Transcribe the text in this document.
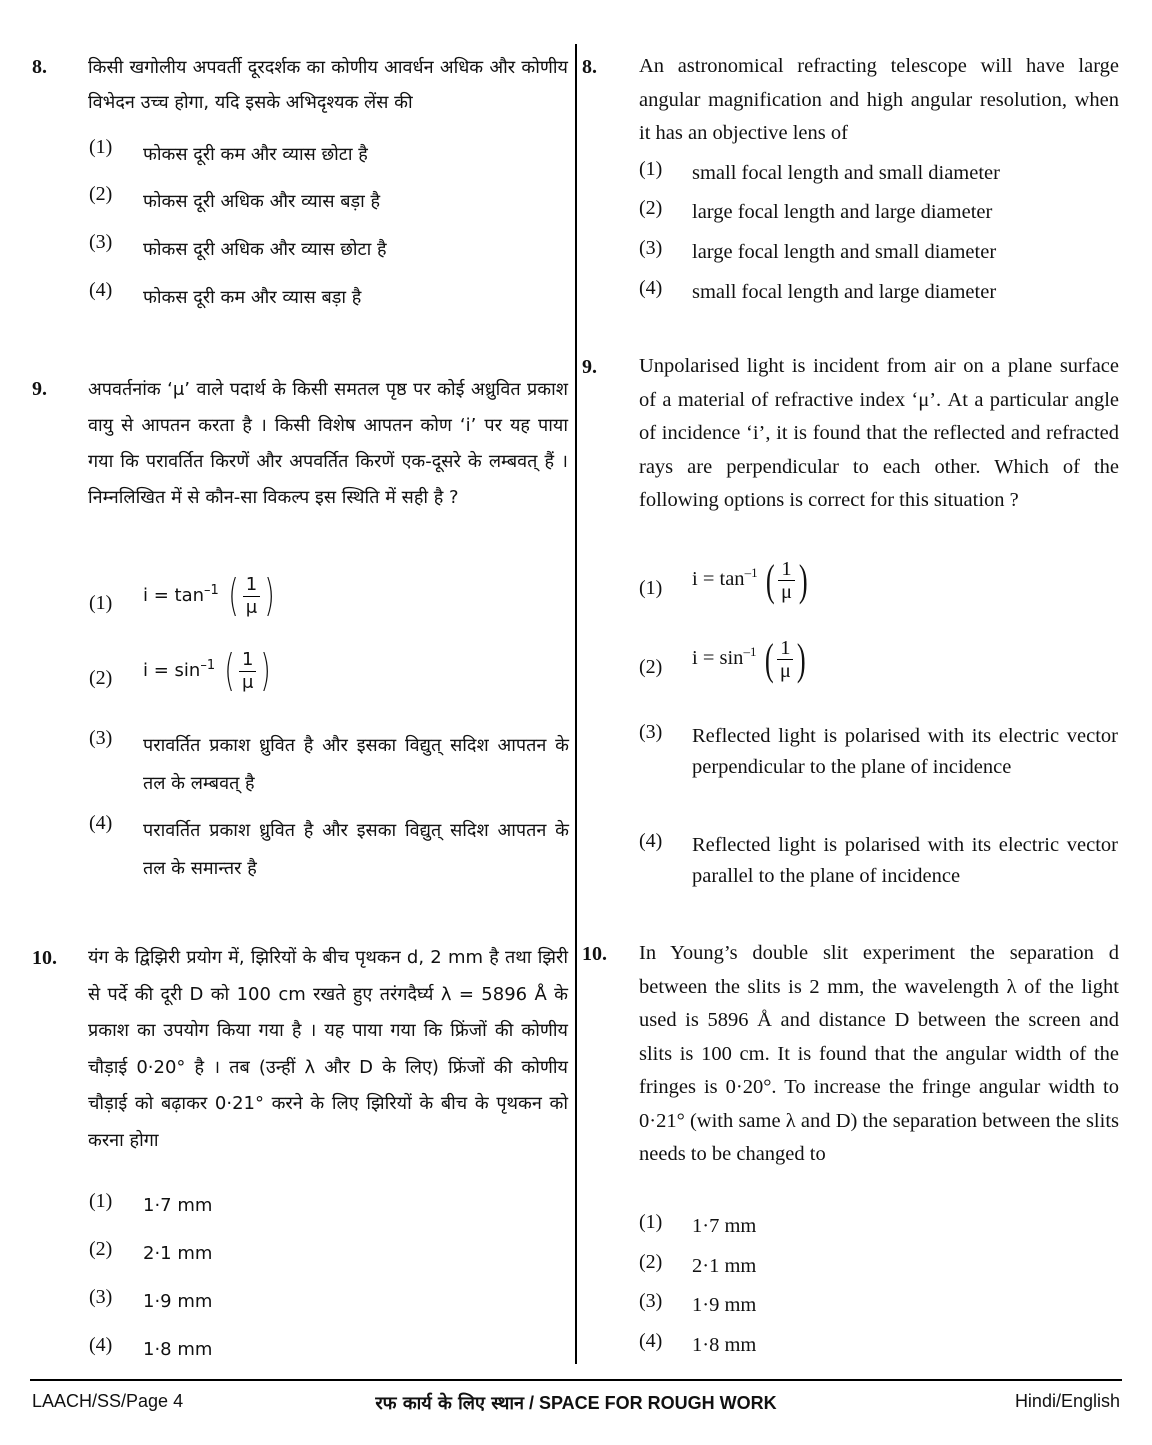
8. किसी खगोलीय अपवर्ती दूरदर्शक का कोणीय आवर्धन अधिक और कोणीय विभेदन उच्च होगा, यदि इसके अभिदृश्यक लेंस की
(1) फोकस दूरी कम और व्यास छोटा है
(2) फोकस दूरी अधिक और व्यास बड़ा है
(3) फोकस दूरी अधिक और व्यास छोटा है
(4) फोकस दूरी कम और व्यास बड़ा है
9. अपवर्तनांक ‘μ’ वाले पदार्थ के किसी समतल पृष्ठ पर कोई अध्रुवित प्रकाश वायु से आपतन करता है । किसी विशेष आपतन कोण ‘i’ पर यह पाया गया कि परावर्तित किरणें और अपवर्तित किरणें एक-दूसरे के लम्बवत् हैं । निम्नलिखित में से कौन-सा विकल्प इस स्थिति में सही है ?
(1) $i = \tan^{-1}$ ( $\frac{1}{\mu}$ )
(2) $i = \sin^{-1}$ ( $\frac{1}{\mu}$ )
(3) परावर्तित प्रकाश ध्रुवित है और इसका विद्युत् सदिश आपतन के तल के लम्बवत् है
(4) परावर्तित प्रकाश ध्रुवित है और इसका विद्युत् सदिश आपतन के तल के समान्तर है
10. यंग के द्विझिरी प्रयोग में, झिरियों के बीच पृथकन d, 2 mm है तथा झिरी से पर्दे की दूरी D को 100 cm रखते हुए तरंगदैर्घ्य λ = 5896 Å के प्रकाश का उपयोग किया गया है । यह पाया गया कि फ्रिंजों की कोणीय चौड़ाई 0·20° है । तब (उन्हीं λ और D के लिए) फ्रिंजों की कोणीय चौड़ाई को बढ़ाकर 0·21° करने के लिए झिरियों के बीच के पृथकन को करना होगा
(1) 1·7 mm
(2) 2·1 mm
(3) 1·9 mm
(4) 1·8 mm
8. An astronomical refracting telescope will have large angular magnification and high angular resolution, when it has an objective lens of
(1) small focal length and small diameter
(2) large focal length and large diameter
(3) large focal length and small diameter
(4) small focal length and large diameter
9. Unpolarised light is incident from air on a plane surface of a material of refractive index ‘μ’. At a particular angle of incidence ‘i’, it is found that the reflected and refracted rays are perpendicular to each other. Which of the following options is correct for this situation ?
(1) $i = \tan^{-1}$ ( $\frac{1}{\mu}$ )
(2) $i = \sin^{-1}$ ( $\frac{1}{\mu}$ )
(3) Reflected light is polarised with its electric vector perpendicular to the plane of incidence
(4) Reflected light is polarised with its electric vector parallel to the plane of incidence
10. In Young’s double slit experiment the separation d between the slits is 2 mm, the wavelength λ of the light used is 5896 Å and distance D between the screen and slits is 100 cm. It is found that the angular width of the fringes is 0·20°. To increase the fringe angular width to 0·21° (with same λ and D) the separation between the slits needs to be changed to
(1) 1·7 mm
(2) 2·1 mm
(3) 1·9 mm
(4) 1·8 mm
LAACH/SS/Page 4	रफ कार्य के लिए स्थान / SPACE FOR ROUGH WORK	Hindi/English
